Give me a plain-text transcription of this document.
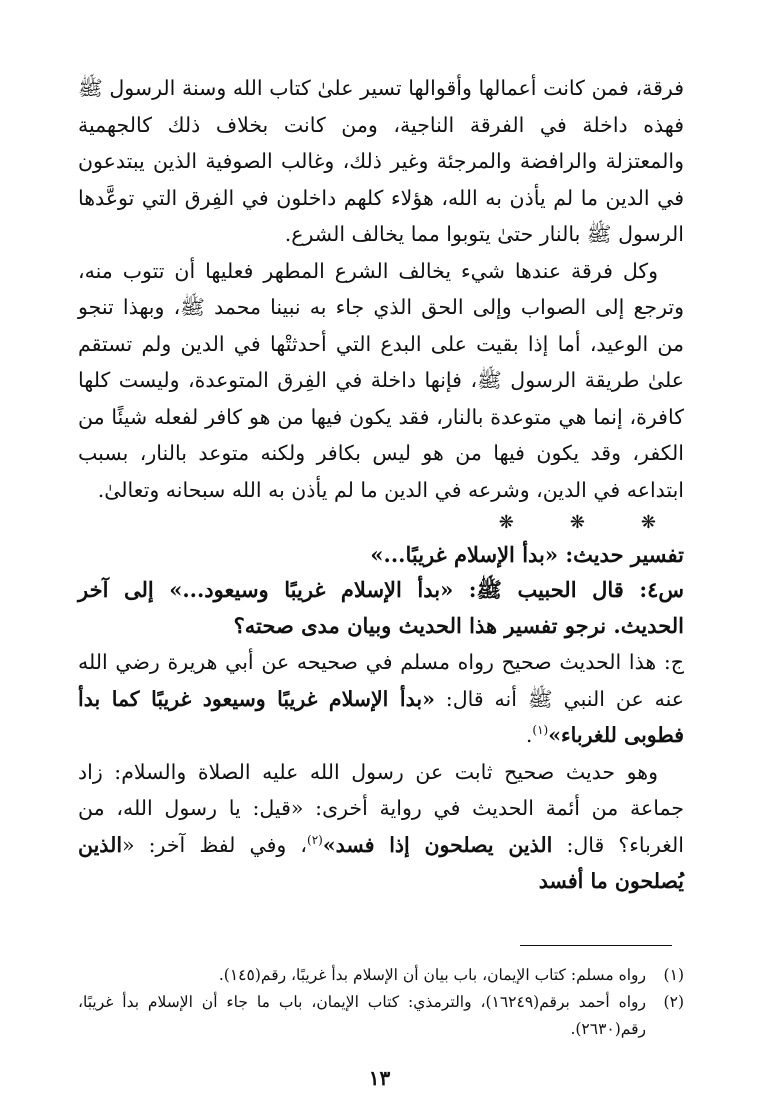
فرقة، فمن كانت أعمالها وأقوالها تسير علىٰ كتاب الله وسنة الرسول ﷺ فهذه داخلة في الفرقة الناجية، ومن كانت بخلاف ذلك كالجهمية والمعتزلة والرافضة والمرجئة وغير ذلك، وغالب الصوفية الذين يبتدعون في الدين ما لم يأذن به الله، هؤلاء كلهم داخلون في الفِرق التي توعَّدها الرسول ﷺ بالنار حتىٰ يتوبوا مما يخالف الشرع.

وكل فرقة عندها شيء يخالف الشرع المطهر فعليها أن تتوب منه، وترجع إلى الصواب وإلى الحق الذي جاء به نبينا محمد ﷺ، وبهذا تنجو من الوعيد، أما إذا بقيت على البدع التي أحدثتْها في الدين ولم تستقم علىٰ طريقة الرسول ﷺ، فإنها داخلة في الفِرق المتوعدة، وليست كلها كافرة، إنما هي متوعدة بالنار، فقد يكون فيها من هو كافر لفعله شيئًا من الكفر، وقد يكون فيها من هو ليس بكافر ولكنه متوعد بالنار، بسبب ابتداعه في الدين، وشرعه في الدين ما لم يأذن به الله سبحانه وتعالىٰ.

❋❋❋

تفسير حديث: «بدأ الإسلام غريبًا...»

س٤: قال الحبيب ﷺ: «بدأ الإسلام غريبًا وسيعود...» إلى آخر الحديث. نرجو تفسير هذا الحديث وبيان مدى صحته؟

ج: هذا الحديث صحيح رواه مسلم في صحيحه عن أبي هريرة رضي الله عنه عن النبي ﷺ أنه قال: «بدأ الإسلام غريبًا وسيعود غريبًا كما بدأ فطوبى للغرباء»$^{(١)}$.

وهو حديث صحيح ثابت عن رسول الله عليه الصلاة والسلام: زاد جماعة من أئمة الحديث في رواية أخرى: «قيل: يا رسول الله، من الغرباء؟ قال: الذين يصلحون إذا فسد»$^{(٢)}$، وفي لفظ آخر: «الذين يُصلحون ما أفسد

(١)
رواه مسلم: كتاب الإيمان، باب بيان أن الإسلام بدأ غريبًا، رقم(١٤٥).
(٢)
رواه أحمد برقم(١٦٢٤٩)، والترمذي: كتاب الإيمان، باب ما جاء أن الإسلام بدأ غريبًا، رقم(٢٦٣٠).
١٣
